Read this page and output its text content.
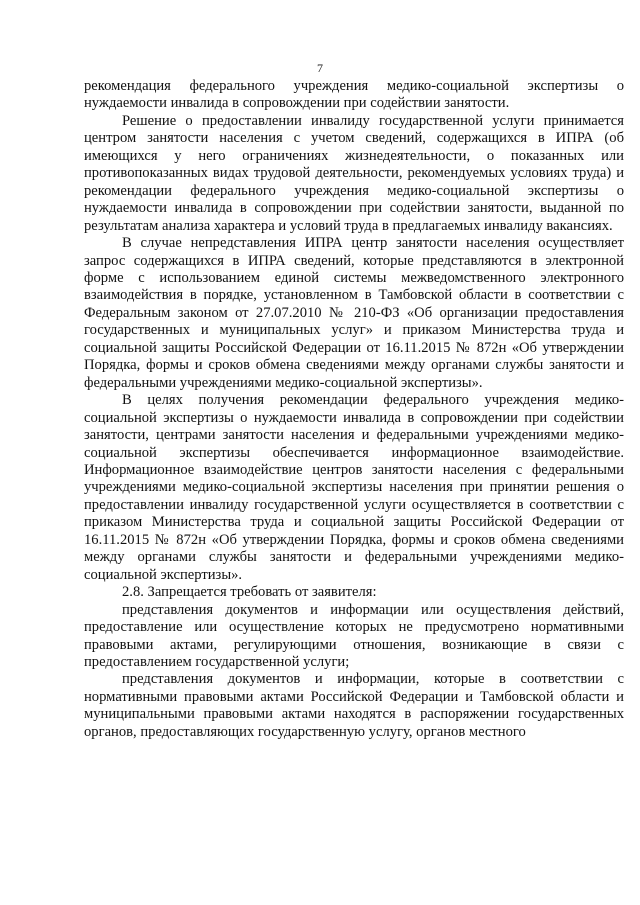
7

рекомендация федерального учреждения медико-социальной экспертизы о нуждаемости инвалида в сопровождении при содействии занятости.

Решение о предоставлении инвалиду государственной услуги принимается центром занятости населения с учетом сведений, содержащихся в ИПРА (об имеющихся у него ограничениях жизнедеятельности, о показанных или противопоказанных видах трудовой деятельности, рекомендуемых условиях труда) и рекомендации федерального учреждения медико-социальной экспертизы о нуждаемости инвалида в сопровождении при содействии занятости, выданной по результатам анализа характера и условий труда в предлагаемых инвалиду вакансиях.

В случае непредставления ИПРА центр занятости населения осуществляет запрос содержащихся в ИПРА сведений, которые представляются в электронной форме с использованием единой системы межведомственного электронного взаимодействия в порядке, установленном в Тамбовской области в соответствии с Федеральным законом от 27.07.2010 № 210-ФЗ «Об организации предоставления государственных и муниципальных услуг» и приказом Министерства труда и социальной защиты Российской Федерации от 16.11.2015 № 872н «Об утверждении Порядка, формы и сроков обмена сведениями между органами службы занятости и федеральными учреждениями медико-социальной экспертизы».

В целях получения рекомендации федерального учреждения медико-социальной экспертизы о нуждаемости инвалида в сопровождении при содействии занятости, центрами занятости населения и федеральными учреждениями медико-социальной экспертизы обеспечивается информационное взаимодействие. Информационное взаимодействие центров занятости населения с федеральными учреждениями медико-социальной экспертизы населения при принятии решения о предоставлении инвалиду государственной услуги осуществляется в соответствии с приказом Министерства труда и социальной защиты Российской Федерации от 16.11.2015 № 872н «Об утверждении Порядка, формы и сроков обмена сведениями между органами службы занятости и федеральными учреждениями медико-социальной экспертизы».

2.8. Запрещается требовать от заявителя:

представления документов и информации или осуществления действий, предоставление или осуществление которых не предусмотрено нормативными правовыми актами, регулирующими отношения, возникающие в связи с предоставлением государственной услуги;

представления документов и информации, которые в соответствии с нормативными правовыми актами Российской Федерации и Тамбовской области и муниципальными правовыми актами находятся в распоряжении государственных органов, предоставляющих государственную услугу, органов местного
